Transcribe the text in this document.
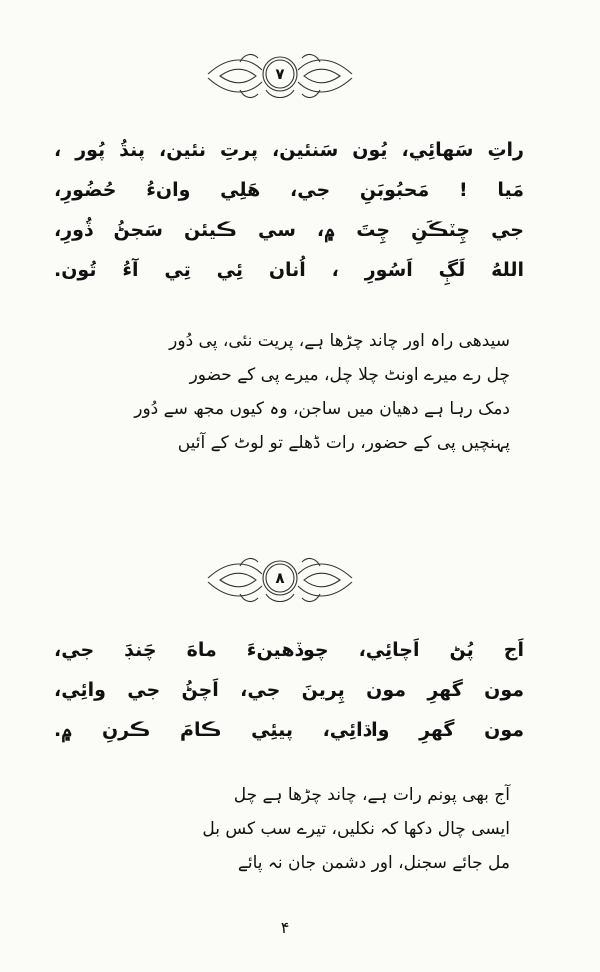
٧
راتِ سَهائِي، يُون سَنئين، پرتِ نئين، پنڌُ پُور ،
مَيا ! مَحبُوبَنِ جي، هَلِي وانءُ حُضُورِ،
جي چِٽڪَنِ چِتَ ۾، سي ڪيئن سَجڻُ ڏُورِ،
اللهُ لَڳِ اَسُورِ ، اُنان ئِي تِي آءُ تُون.
سیدھی راہ اور چاند چڑھا ہے، پریت نئی، پی دُور
چل رے میرے اونٹ چلا چل، میرے پی کے حضور
دمک رہا ہے دھیان میں ساجن، وہ کیوں مجھ سے دُور
پہنچیں پی کے حضور، رات ڈھلے تو لوٹ کے آئیں
٨
اَج پُڻ اَچائِي، چوڏهينءَ ماهَ چَنڊَ جي،
مون گهرِ مون پِرينَ جي، اَچڻُ جي وائِي،
مون گهرِ واڌائِي، پيئِي ڪامَ ڪرنِ ۾.
آج بھی پونم رات ہے، چاند چڑھا ہے چل
ایسی چال دکھا کہ نکلیں، تیرے سب کس بل
مل جائے سجنل، اور دشمن جان نہ پائے
۴
